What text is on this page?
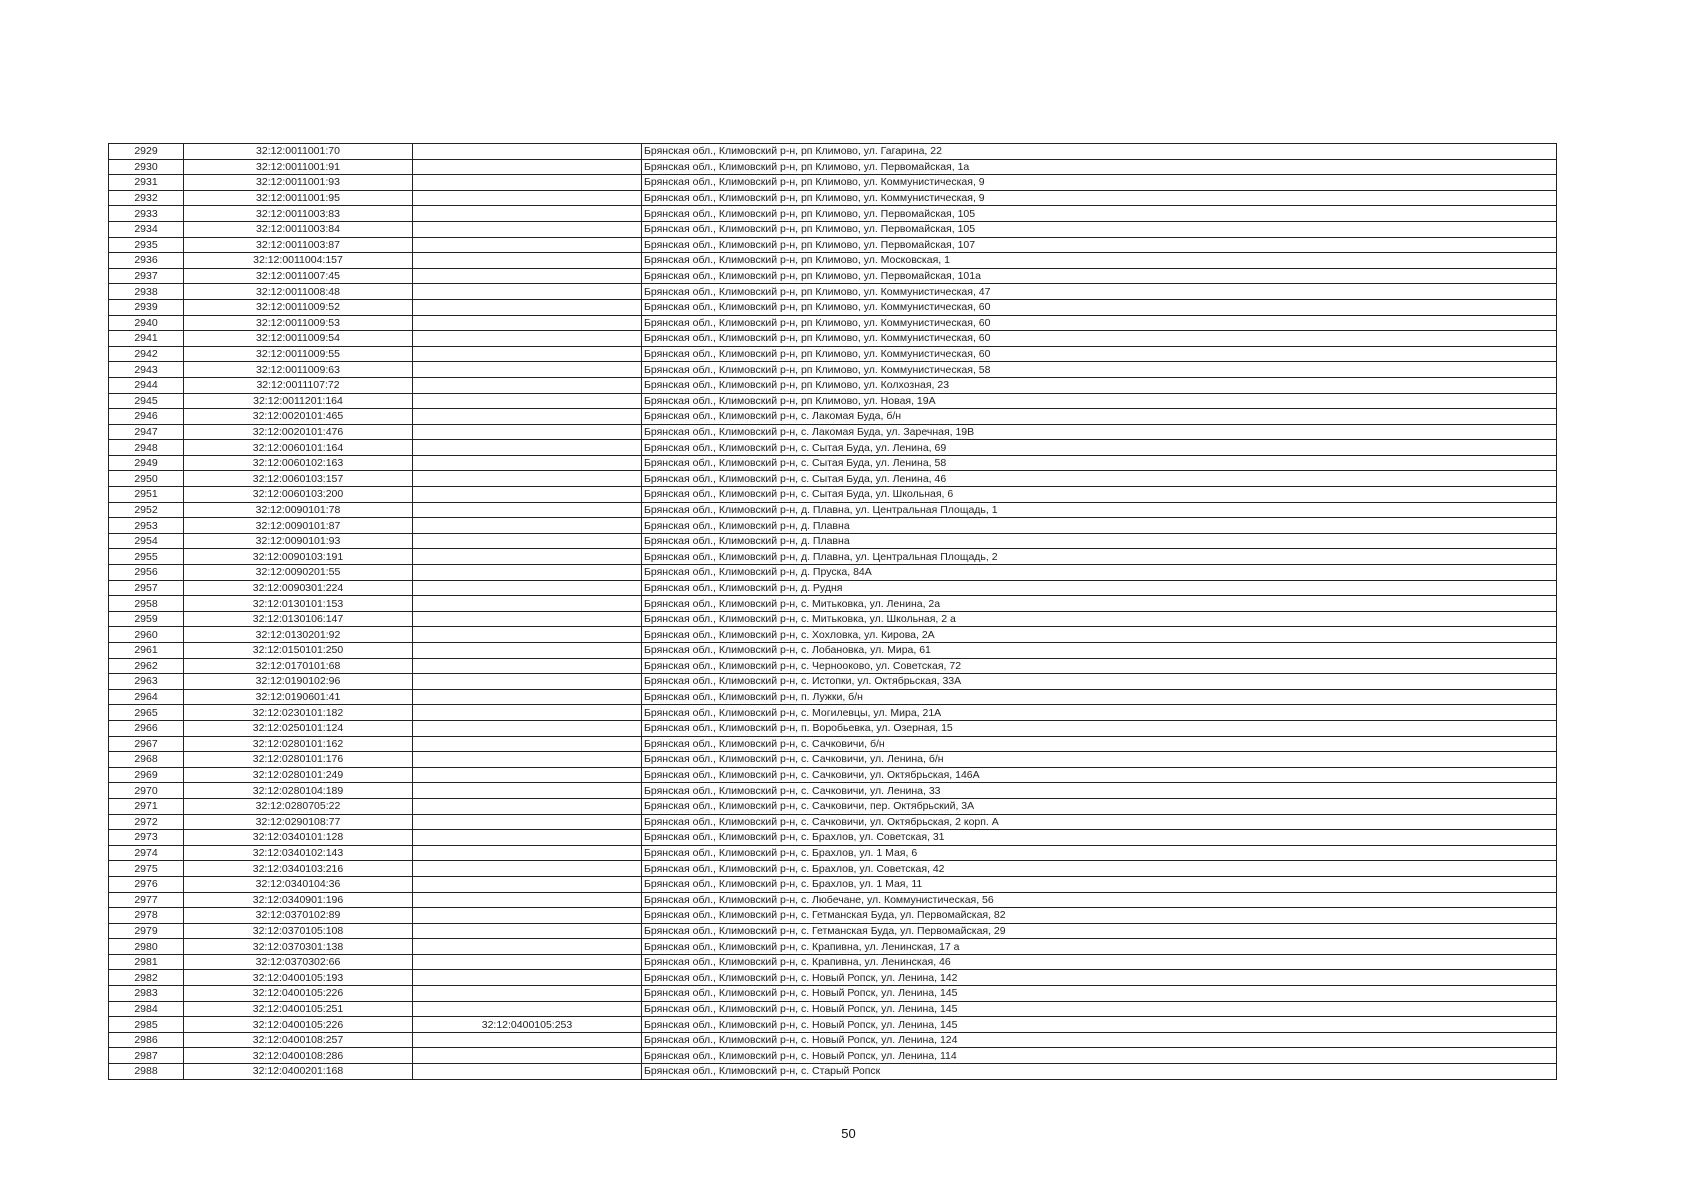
2929	32:12:0011001:70		Брянская обл., Климовский р-н, рп Климово, ул. Гагарина, 22
2930	32:12:0011001:91		Брянская обл., Климовский р-н, рп Климово, ул. Первомайская, 1а
2931	32:12:0011001:93		Брянская обл., Климовский р-н, рп Климово, ул. Коммунистическая, 9
2932	32:12:0011001:95		Брянская обл., Климовский р-н, рп Климово, ул. Коммунистическая, 9
2933	32:12:0011003:83		Брянская обл., Климовский р-н, рп Климово, ул. Первомайская, 105
2934	32:12:0011003:84		Брянская обл., Климовский р-н, рп Климово, ул. Первомайская, 105
2935	32:12:0011003:87		Брянская обл., Климовский р-н, рп Климово, ул. Первомайская, 107
2936	32:12:0011004:157		Брянская обл., Климовский р-н, рп Климово, ул. Московская, 1
2937	32:12:0011007:45		Брянская обл., Климовский р-н, рп Климово, ул. Первомайская, 101а
2938	32:12:0011008:48		Брянская обл., Климовский р-н, рп Климово, ул. Коммунистическая, 47
2939	32:12:0011009:52		Брянская обл., Климовский р-н, рп Климово, ул. Коммунистическая, 60
2940	32:12:0011009:53		Брянская обл., Климовский р-н, рп Климово, ул. Коммунистическая, 60
2941	32:12:0011009:54		Брянская обл., Климовский р-н, рп Климово, ул. Коммунистическая, 60
2942	32:12:0011009:55		Брянская обл., Климовский р-н, рп Климово, ул. Коммунистическая, 60
2943	32:12:0011009:63		Брянская обл., Климовский р-н, рп Климово, ул. Коммунистическая, 58
2944	32:12:0011107:72		Брянская обл., Климовский р-н, рп Климово, ул. Колхозная, 23
2945	32:12:0011201:164		Брянская обл., Климовский р-н, рп Климово, ул. Новая, 19А
2946	32:12:0020101:465		Брянская обл., Климовский р-н, с. Лакомая Буда, б/н
2947	32:12:0020101:476		Брянская обл., Климовский р-н, с. Лакомая Буда, ул. Заречная, 19В
2948	32:12:0060101:164		Брянская обл., Климовский р-н, с. Сытая Буда, ул. Ленина, 69
2949	32:12:0060102:163		Брянская обл., Климовский р-н, с. Сытая Буда, ул. Ленина, 58
2950	32:12:0060103:157		Брянская обл., Климовский р-н, с. Сытая Буда, ул. Ленина, 46
2951	32:12:0060103:200		Брянская обл., Климовский р-н, с. Сытая Буда, ул. Школьная, 6
2952	32:12:0090101:78		Брянская обл., Климовский р-н, д. Плавна, ул. Центральная Площадь, 1
2953	32:12:0090101:87		Брянская обл., Климовский р-н, д. Плавна
2954	32:12:0090101:93		Брянская обл., Климовский р-н, д. Плавна
2955	32:12:0090103:191		Брянская обл., Климовский р-н, д. Плавна, ул. Центральная Площадь, 2
2956	32:12:0090201:55		Брянская обл., Климовский р-н, д. Пруска, 84А
2957	32:12:0090301:224		Брянская обл., Климовский р-н, д. Рудня
2958	32:12:0130101:153		Брянская обл., Климовский р-н, с. Митьковка, ул. Ленина, 2а
2959	32:12:0130106:147		Брянская обл., Климовский р-н, с. Митьковка, ул. Школьная, 2 а
2960	32:12:0130201:92		Брянская обл., Климовский р-н, с. Хохловка, ул. Кирова, 2А
2961	32:12:0150101:250		Брянская обл., Климовский р-н, с. Лобановка, ул. Мира, 61
2962	32:12:0170101:68		Брянская обл., Климовский р-н, с. Чернооково, ул. Советская, 72
2963	32:12:0190102:96		Брянская обл., Климовский р-н, с. Истопки, ул. Октябрьская, 33А
2964	32:12:0190601:41		Брянская обл., Климовский р-н, п. Лужки, б/н
2965	32:12:0230101:182		Брянская обл., Климовский р-н, с. Могилевцы, ул. Мира, 21А
2966	32:12:0250101:124		Брянская обл., Климовский р-н, п. Воробьевка, ул. Озерная, 15
2967	32:12:0280101:162		Брянская обл., Климовский р-н, с. Сачковичи, б/н
2968	32:12:0280101:176		Брянская обл., Климовский р-н, с. Сачковичи, ул. Ленина, б/н
2969	32:12:0280101:249		Брянская обл., Климовский р-н, с. Сачковичи, ул. Октябрьская, 146А
2970	32:12:0280104:189		Брянская обл., Климовский р-н, с. Сачковичи, ул. Ленина, 33
2971	32:12:0280705:22		Брянская обл., Климовский р-н, с. Сачковичи, пер. Октябрьский, 3А
2972	32:12:0290108:77		Брянская обл., Климовский р-н, с. Сачковичи, ул. Октябрьская, 2 корп. А
2973	32:12:0340101:128		Брянская обл., Климовский р-н, с. Брахлов, ул. Советская, 31
2974	32:12:0340102:143		Брянская обл., Климовский р-н, с. Брахлов, ул. 1 Мая, 6
2975	32:12:0340103:216		Брянская обл., Климовский р-н, с. Брахлов, ул. Советская, 42
2976	32:12:0340104:36		Брянская обл., Климовский р-н, с. Брахлов, ул. 1 Мая, 11
2977	32:12:0340901:196		Брянская обл., Климовский р-н, с. Любечане, ул. Коммунистическая, 56
2978	32:12:0370102:89		Брянская обл., Климовский р-н, с. Гетманская Буда, ул. Первомайская, 82
2979	32:12:0370105:108		Брянская обл., Климовский р-н, с. Гетманская Буда, ул. Первомайская, 29
2980	32:12:0370301:138		Брянская обл., Климовский р-н, с. Крапивна, ул. Ленинская, 17 а
2981	32:12:0370302:66		Брянская обл., Климовский р-н, с. Крапивна, ул. Ленинская, 46
2982	32:12:0400105:193		Брянская обл., Климовский р-н, с. Новый Ропск, ул. Ленина, 142
2983	32:12:0400105:226		Брянская обл., Климовский р-н, с. Новый Ропск, ул. Ленина, 145
2984	32:12:0400105:251		Брянская обл., Климовский р-н, с. Новый Ропск, ул. Ленина, 145
2985	32:12:0400105:226	32:12:0400105:253	Брянская обл., Климовский р-н, с. Новый Ропск, ул. Ленина, 145
2986	32:12:0400108:257		Брянская обл., Климовский р-н, с. Новый Ропск, ул. Ленина, 124
2987	32:12:0400108:286		Брянская обл., Климовский р-н, с. Новый Ропск, ул. Ленина, 114
2988	32:12:0400201:168		Брянская обл., Климовский р-н, с. Старый Ропск
50
